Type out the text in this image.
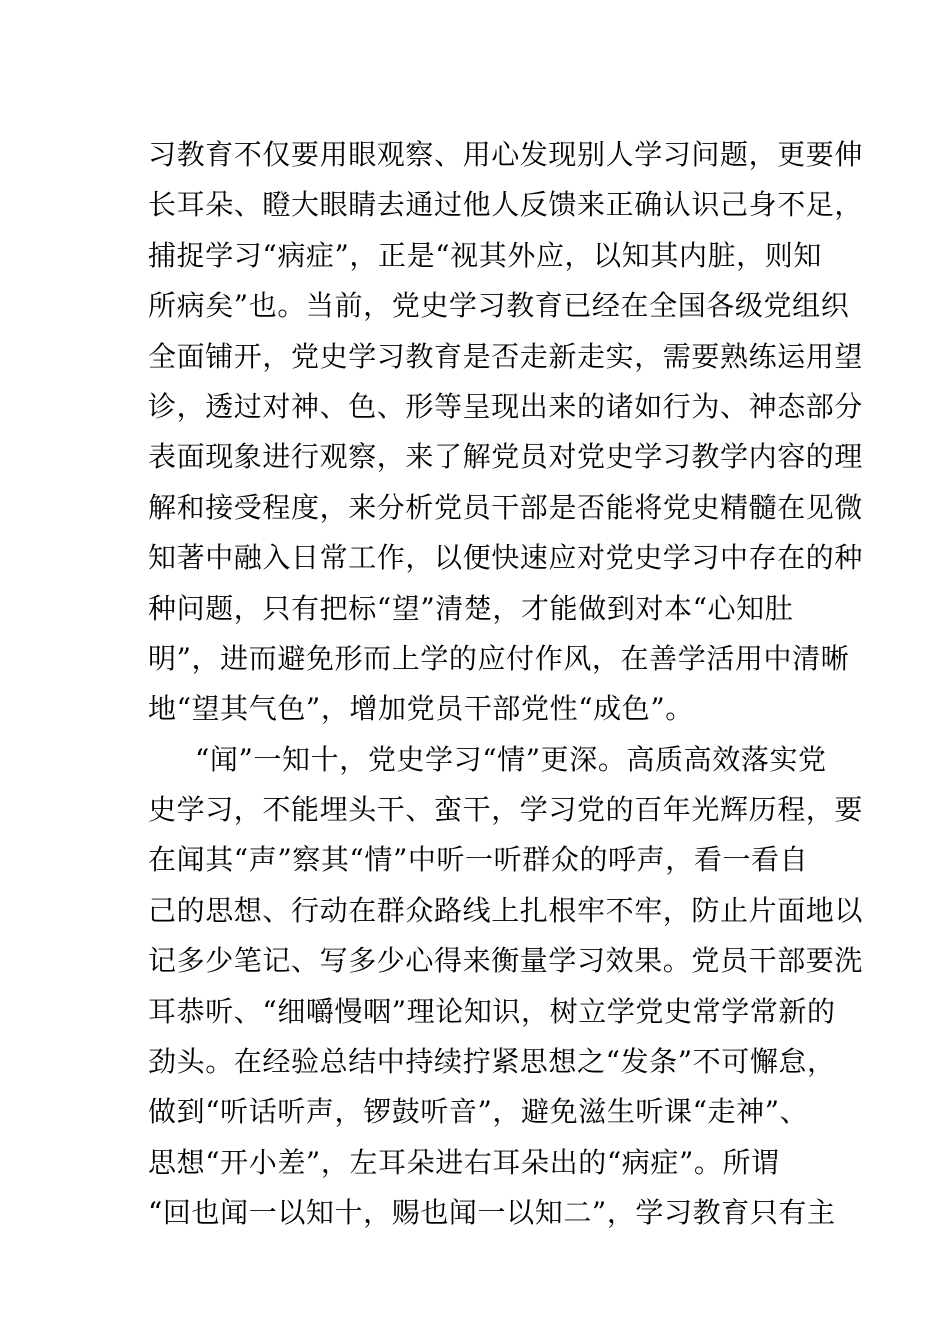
习教育不仅要用眼观察、用心发现别人学习问题，更要伸
长耳朵、瞪大眼睛去通过他人反馈来正确认识己身不足，
捕捉学习“病症”，正是“视其外应，以知其内脏，则知
所病矣”也。当前，党史学习教育已经在全国各级党组织
全面铺开，党史学习教育是否走新走实，需要熟练运用望
诊，透过对神、色、形等呈现出来的诸如行为、神态部分
表面现象进行观察，来了解党员对党史学习教学内容的理
解和接受程度，来分析党员干部是否能将党史精髓在见微
知著中融入日常工作，以便快速应对党史学习中存在的种
种问题，只有把标“望”清楚，才能做到对本“心知肚
明”，进而避免形而上学的应付作风，在善学活用中清晰
地“望其气色”，增加党员干部党性“成色”。
“闻”一知十，党史学习“情”更深。高质高效落实党
史学习，不能埋头干、蛮干，学习党的百年光辉历程，要
在闻其“声”察其“情”中听一听群众的呼声，看一看自
己的思想、行动在群众路线上扎根牢不牢，防止片面地以
记多少笔记、写多少心得来衡量学习效果。党员干部要洗
耳恭听、“细嚼慢咽”理论知识，树立学党史常学常新的
劲头。在经验总结中持续拧紧思想之“发条”不可懈怠，
做到“听话听声，锣鼓听音”，避免滋生听课“走神”、
思想“开小差”，左耳朵进右耳朵出的“病症”。所谓
“回也闻一以知十，赐也闻一以知二”，学习教育只有主
